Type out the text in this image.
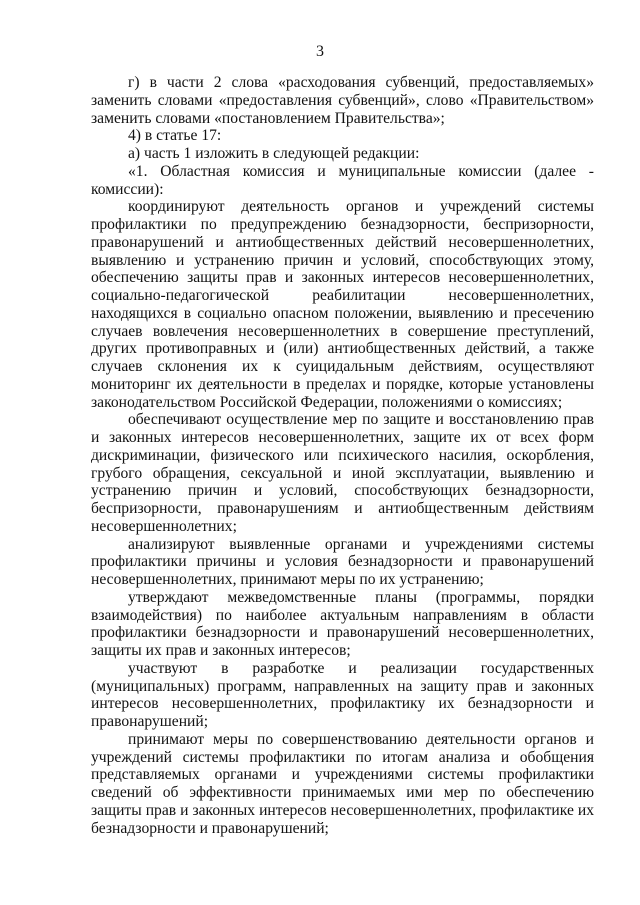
3

г) в части 2 слова «расходования субвенций, предоставляемых» заменить словами «предоставления субвенций», слово «Правительством» заменить словами «постановлением Правительства»;

4) в статье 17:

а) часть 1 изложить в следующей редакции:

«1. Областная комиссия и муниципальные комиссии (далее - комиссии):

координируют деятельность органов и учреждений системы профилактики по предупреждению безнадзорности, беспризорности, правонарушений и антиобщественных действий несовершеннолетних, выявлению и устранению причин и условий, способствующих этому, обеспечению защиты прав и законных интересов несовершеннолетних, социально-педагогической реабилитации несовершеннолетних, находящихся в социально опасном положении, выявлению и пресечению случаев вовлечения несовершеннолетних в совершение преступлений, других противоправных и (или) антиобщественных действий, а также случаев склонения их к суицидальным действиям, осуществляют мониторинг их деятельности в пределах и порядке, которые установлены законодательством Российской Федерации, положениями о комиссиях;

обеспечивают осуществление мер по защите и восстановлению прав и законных интересов несовершеннолетних, защите их от всех форм дискриминации, физического или психического насилия, оскорбления, грубого обращения, сексуальной и иной эксплуатации, выявлению и устранению причин и условий, способствующих безнадзорности, беспризорности, правонарушениям и антиобщественным действиям несовершеннолетних;

анализируют выявленные органами и учреждениями системы профилактики причины и условия безнадзорности и правонарушений несовершеннолетних, принимают меры по их устранению;

утверждают межведомственные планы (программы, порядки взаимодействия) по наиболее актуальным направлениям в области профилактики безнадзорности и правонарушений несовершеннолетних, защиты их прав и законных интересов;

участвуют в разработке и реализации государственных (муниципальных) программ, направленных на защиту прав и законных интересов несовершеннолетних, профилактику их безнадзорности и правонарушений;

принимают меры по совершенствованию деятельности органов и учреждений системы профилактики по итогам анализа и обобщения представляемых органами и учреждениями системы профилактики сведений об эффективности принимаемых ими мер по обеспечению защиты прав и законных интересов несовершеннолетних, профилактике их безнадзорности и правонарушений;
